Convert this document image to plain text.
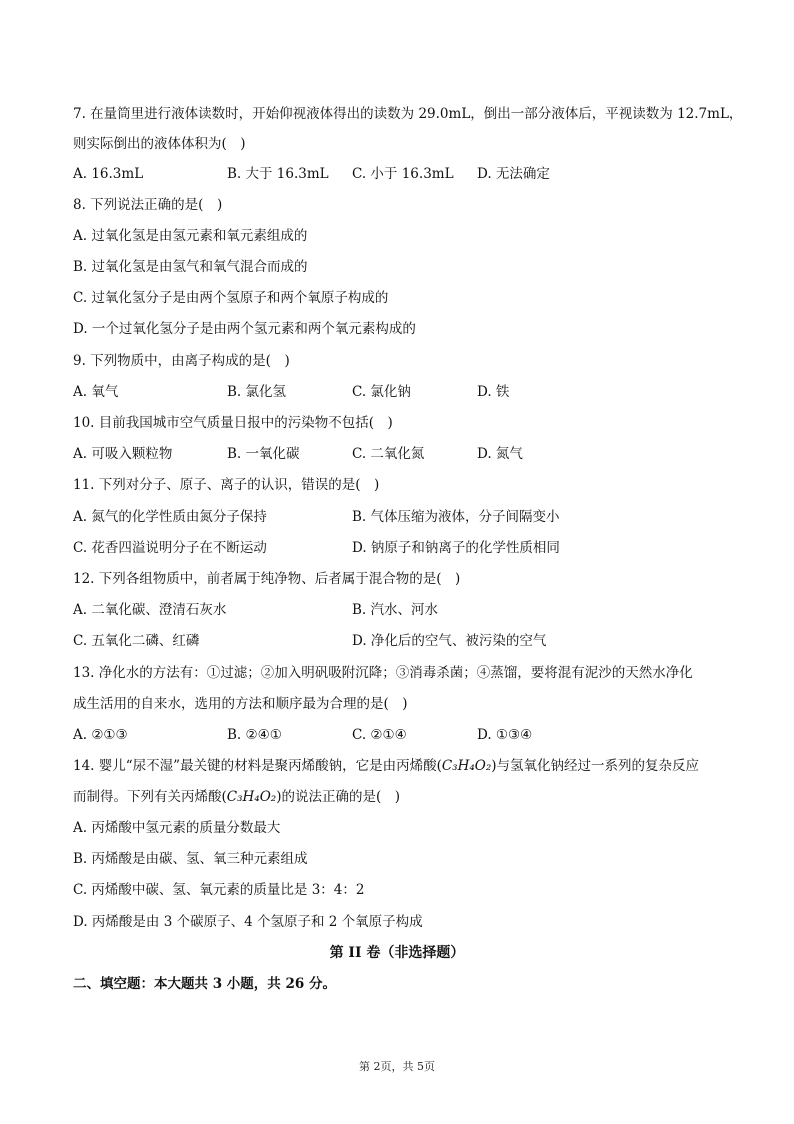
7. 在量筒里进行液体读数时，开始仰视液体得出的读数为 29.0mL，倒出一部分液体后，平视读数为 12.7mL，
则实际倒出的液体体积为(　)
A. 16.3mL	B. 大于 16.3mL C. 小于 16.3mL D. 无法确定
8. 下列说法正确的是(　)
A. 过氧化氢是由氢元素和氧元素组成的
B. 过氧化氢是由氢气和氧气混合而成的
C. 过氧化氢分子是由两个氢原子和两个氧原子构成的
D. 一个过氧化氢分子是由两个氢元素和两个氧元素构成的
9. 下列物质中，由离子构成的是(　)
A. 氧气	B. 氯化氢	C. 氯化钠	D. 铁
10. 目前我国城市空气质量日报中的污染物不包括(　)
A. 可吸入颗粒物	B. 一氧化碳	C. 二氧化氮	D. 氮气
11. 下列对分子、原子、离子的认识，错误的是(　)
A. 氮气的化学性质由氮分子保持	B. 气体压缩为液体，分子间隔变小
C. 花香四溢说明分子在不断运动	D. 钠原子和钠离子的化学性质相同
12. 下列各组物质中，前者属于纯净物、后者属于混合物的是(　)
A. 二氧化碳、澄清石灰水	B. 汽水、河水
C. 五氧化二磷、红磷	D. 净化后的空气、被污染的空气
13. 净化水的方法有：①过滤；②加入明矾吸附沉降；③消毒杀菌；④蒸馏，要将混有泥沙的天然水净化
成生活用的自来水，选用的方法和顺序最为合理的是(　)
A. ②①③	B. ②④①	C. ②①④	D. ①③④
14. 婴儿“尿不湿”最关键的材料是聚丙烯酸钠，它是由丙烯酸(C₃H₄O₂)与氢氧化钠经过一系列的复杂反应
而制得。下列有关丙烯酸(C₃H₄O₂)的说法正确的是(　)
A. 丙烯酸中氢元素的质量分数最大
B. 丙烯酸是由碳、氢、氧三种元素组成
C. 丙烯酸中碳、氢、氧元素的质量比是 3：4：2
D. 丙烯酸是由 3 个碳原子、4 个氢原子和 2 个氧原子构成
第 II 卷（非选择题）
二、填空题：本大题共 3 小题，共 26 分。
第 2页，共 5页
